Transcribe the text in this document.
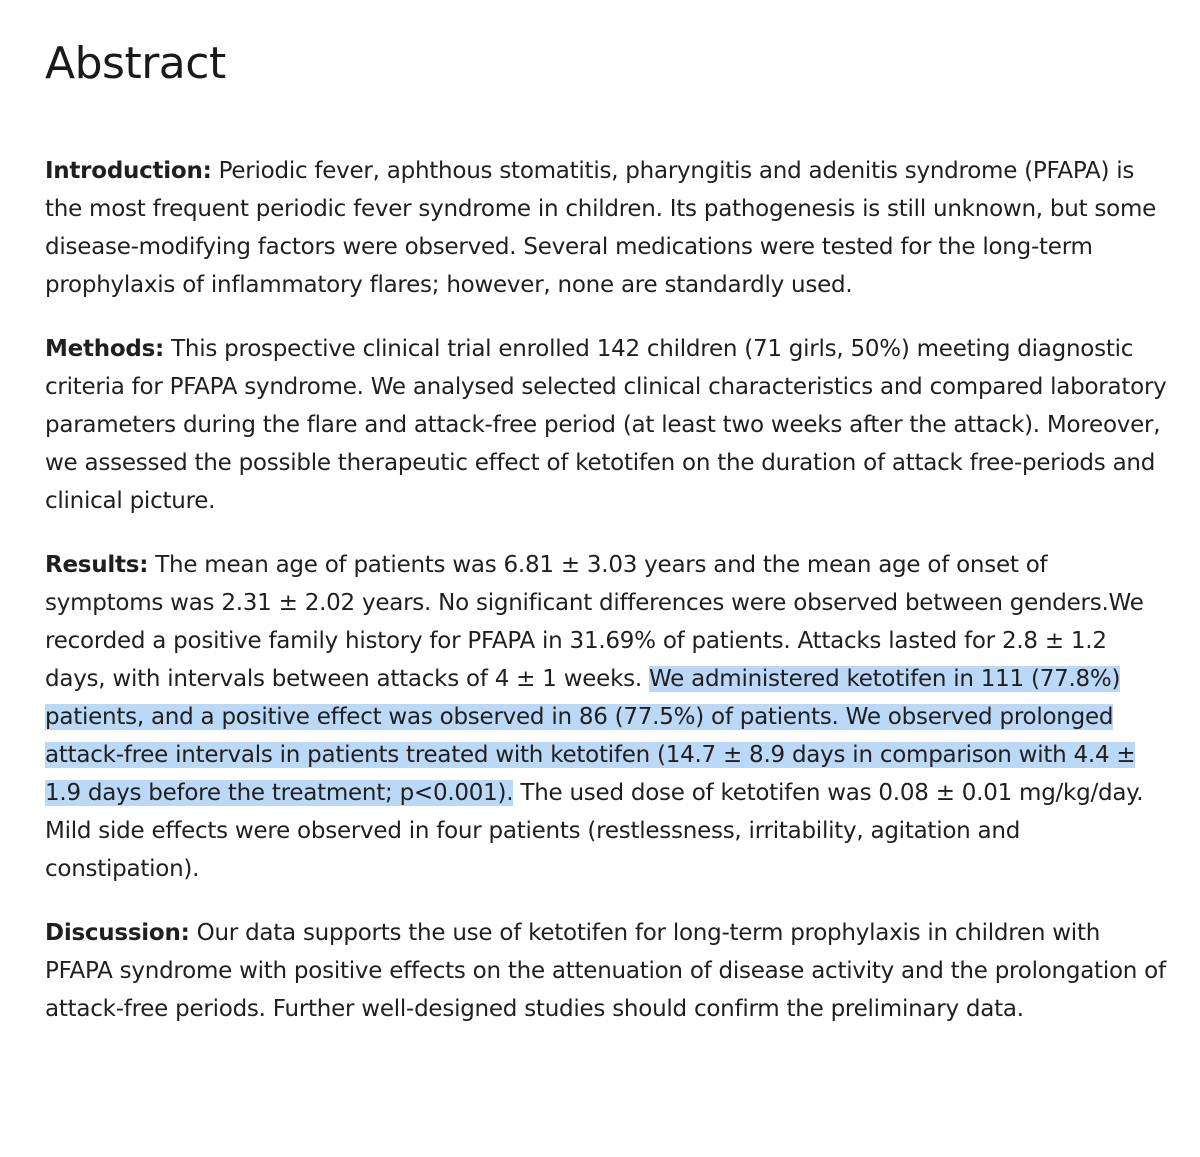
Abstract

Introduction: Periodic fever, aphthous stomatitis, pharyngitis and adenitis syndrome (PFAPA) is the most frequent periodic fever syndrome in children. Its pathogenesis is still unknown, but some disease-modifying factors were observed. Several medications were tested for the long-term prophylaxis of inflammatory flares; however, none are standardly used.

Methods: This prospective clinical trial enrolled 142 children (71 girls, 50%) meeting diagnostic criteria for PFAPA syndrome. We analysed selected clinical characteristics and compared laboratory parameters during the flare and attack-free period (at least two weeks after the attack). Moreover, we assessed the possible therapeutic effect of ketotifen on the duration of attack free-periods and clinical picture.

Results: The mean age of patients was 6.81 ± 3.03 years and the mean age of onset of symptoms was 2.31 ± 2.02 years. No significant differences were observed between genders.We recorded a positive family history for PFAPA in 31.69% of patients. Attacks lasted for 2.8 ± 1.2 days, with intervals between attacks of 4 ± 1 weeks. We administered ketotifen in 111 (77.8%) patients, and a positive effect was observed in 86 (77.5%) of patients. We observed prolonged attack-free intervals in patients treated with ketotifen (14.7 ± 8.9 days in comparison with 4.4 ± 1.9 days before the treatment; p<0.001). The used dose of ketotifen was 0.08 ± 0.01 mg/kg/day. Mild side effects were observed in four patients (restlessness, irritability, agitation and constipation).

Discussion: Our data supports the use of ketotifen for long-term prophylaxis in children with PFAPA syndrome with positive effects on the attenuation of disease activity and the prolongation of attack-free periods. Further well-designed studies should confirm the preliminary data.
